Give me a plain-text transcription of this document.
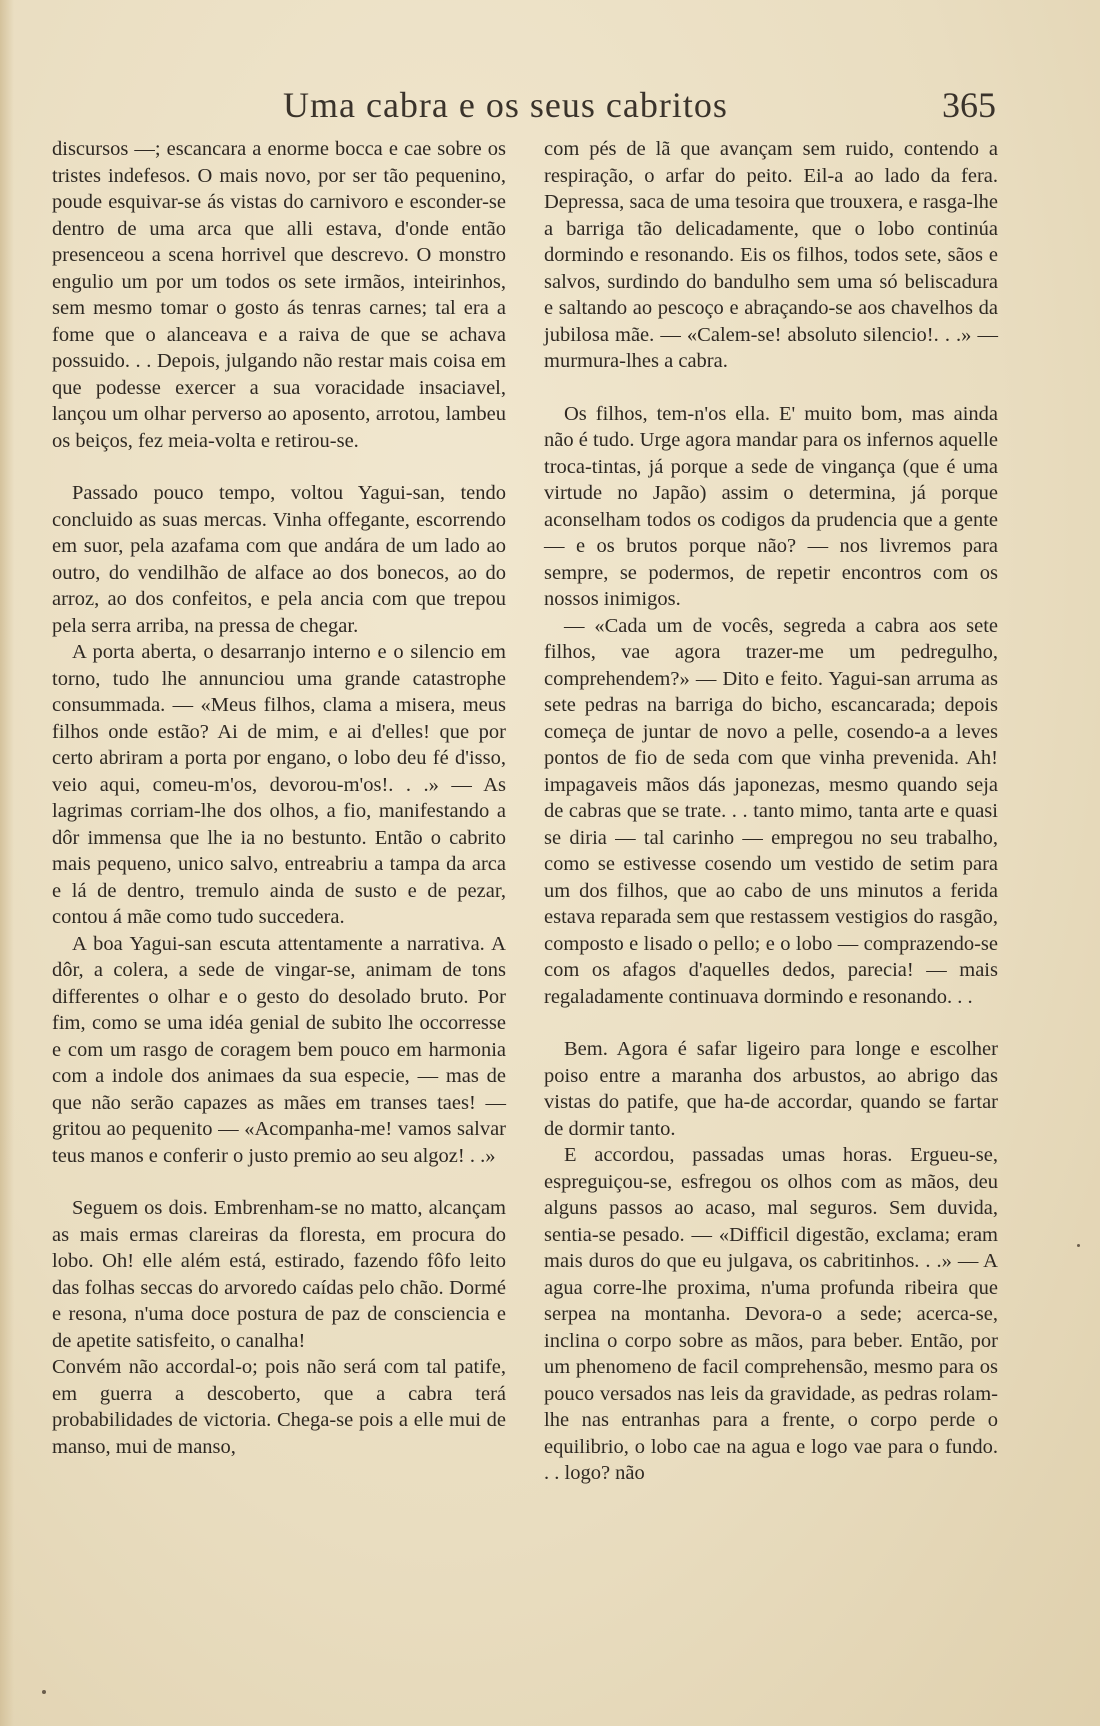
Uma cabra e os seus cabritos	365

discursos —; escancara a enorme bocca e cae sobre os tristes indefesos. O mais novo, por ser tão pequenino, poude esquivar-se ás vistas do carnivoro e esconder-se dentro de uma arca que alli estava, d'onde então presenceou a scena horrivel que descrevo. O monstro engulio um por um todos os sete irmãos, inteirinhos, sem mesmo tomar o gosto ás tenras carnes; tal era a fome que o alanceava e a raiva de que se achava possuido. . . Depois, julgando não restar mais coisa em que podesse exercer a sua voracidade insaciavel, lançou um olhar perverso ao aposento, arrotou, lambeu os beiços, fez meia-volta e retirou-se.

Passado pouco tempo, voltou Yagui-san, tendo concluido as suas mercas. Vinha offegante, escorrendo em suor, pela azafama com que andára de um lado ao outro, do vendilhão de alface ao dos bonecos, ao do arroz, ao dos confeitos, e pela ancia com que trepou pela serra arriba, na pressa de chegar.

A porta aberta, o desarranjo interno e o silencio em torno, tudo lhe annunciou uma grande catastrophe consummada. — «Meus filhos, clama a misera, meus filhos onde estão? Ai de mim, e ai d'elles! que por certo abriram a porta por engano, o lobo deu fé d'isso, veio aqui, comeu-m'os, devorou-m'os!. . .» — As lagrimas corriam-lhe dos olhos, a fio, manifestando a dôr immensa que lhe ia no bestunto. Então o cabrito mais pequeno, unico salvo, entreabriu a tampa da arca e lá de dentro, tremulo ainda de susto e de pezar, contou á mãe como tudo succedera.

A boa Yagui-san escuta attentamente a narrativa. A dôr, a colera, a sede de vingar-se, animam de tons differentes o olhar e o gesto do desolado bruto. Por fim, como se uma idéa genial de subito lhe occorresse e com um rasgo de coragem bem pouco em harmonia com a indole dos animaes da sua especie, — mas de que não serão capazes as mães em transes taes! — gritou ao pequenito — «Acompanha-me! vamos salvar teus manos e conferir o justo premio ao seu algoz! . .»

Seguem os dois. Embrenham-se no matto, alcançam as mais ermas clareiras da floresta, em procura do lobo. Oh! elle além está, estirado, fazendo fôfo leito das folhas seccas do arvoredo caídas pelo chão. Dormé e resona, n'uma doce postura de paz de consciencia e de apetite satisfeito, o canalha!

Convém não accordal-o; pois não será com tal patife, em guerra a descoberto, que a cabra terá probabilidades de victoria. Chega-se pois a elle mui de manso, mui de manso,

com pés de lã que avançam sem ruido, contendo a respiração, o arfar do peito. Eil-a ao lado da fera. Depressa, saca de uma tesoira que trouxera, e rasga-lhe a barriga tão delicadamente, que o lobo continúa dormindo e resonando. Eis os filhos, todos sete, sãos e salvos, surdindo do bandulho sem uma só beliscadura e saltando ao pescoço e abraçando-se aos chavelhos da jubilosa mãe. — «Calem-se! absoluto silencio!. . .» — murmura-lhes a cabra.

Os filhos, tem-n'os ella. E' muito bom, mas ainda não é tudo. Urge agora mandar para os infernos aquelle troca-tintas, já porque a sede de vingança (que é uma virtude no Japão) assim o determina, já porque aconselham todos os codigos da prudencia que a gente — e os brutos porque não? — nos livremos para sempre, se podermos, de repetir encontros com os nossos inimigos.

— «Cada um de vocês, segreda a cabra aos sete filhos, vae agora trazer-me um pedregulho, comprehendem?» — Dito e feito. Yagui-san arruma as sete pedras na barriga do bicho, escancarada; depois começa de juntar de novo a pelle, cosendo-a a leves pontos de fio de seda com que vinha prevenida. Ah! impagaveis mãos dás japonezas, mesmo quando seja de cabras que se trate. . . tanto mimo, tanta arte e quasi se diria — tal carinho — empregou no seu trabalho, como se estivesse cosendo um vestido de setim para um dos filhos, que ao cabo de uns minutos a ferida estava reparada sem que restassem vestigios do rasgão, composto e lisado o pello; e o lobo — comprazendo-se com os afagos d'aquelles dedos, parecia! — mais regaladamente continuava dormindo e resonando. . .

Bem. Agora é safar ligeiro para longe e escolher poiso entre a maranha dos arbustos, ao abrigo das vistas do patife, que ha-de accordar, quando se fartar de dormir tanto.

E accordou, passadas umas horas. Ergueu-se, espreguiçou-se, esfregou os olhos com as mãos, deu alguns passos ao acaso, mal seguros. Sem duvida, sentia-se pesado. — «Difficil digestão, exclama; eram mais duros do que eu julgava, os cabritinhos. . .» — A agua corre-lhe proxima, n'uma profunda ribeira que serpea na montanha. Devora-o a sede; acerca-se, inclina o corpo sobre as mãos, para beber. Então, por um phenomeno de facil comprehensão, mesmo para os pouco versados nas leis da gravidade, as pedras rolam-lhe nas entranhas para a frente, o corpo perde o equilibrio, o lobo cae na agua e logo vae para o fundo. . . logo? não
